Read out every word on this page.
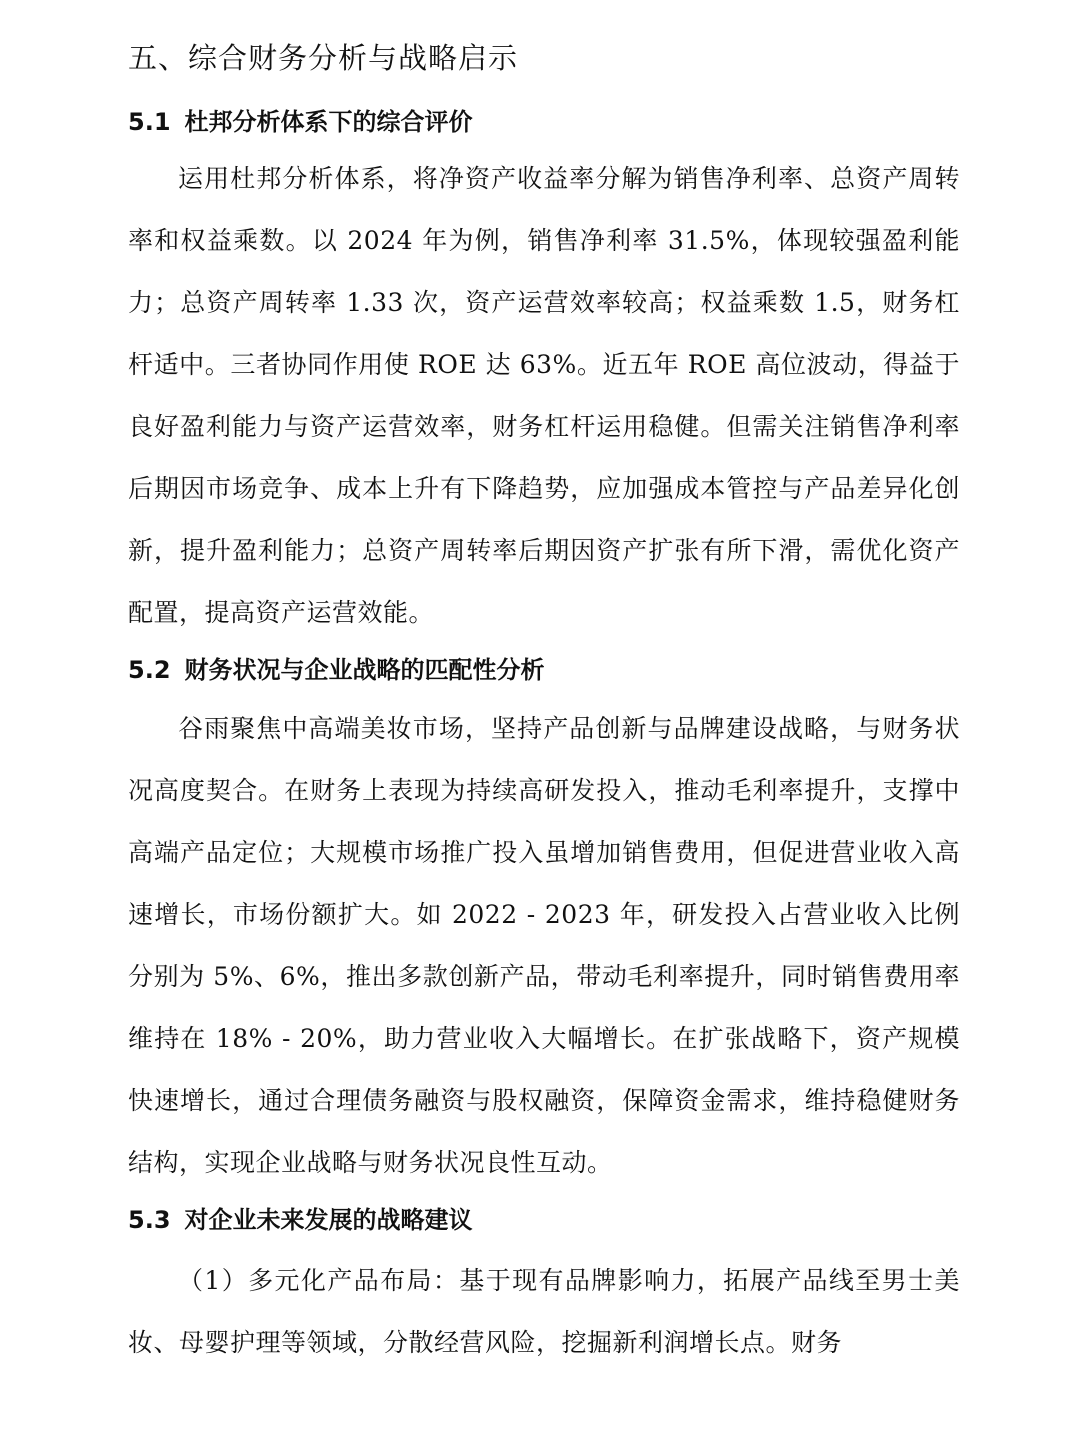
五、综合财务分析与战略启示
5.1 杜邦分析体系下的综合评价

运用杜邦分析体系，将净资产收益率分解为销售净利率、总资产周转率和权益乘数。以 2024 年为例，销售净利率 31.5%，体现较强盈利能力；总资产周转率 1.33 次，资产运营效率较高；权益乘数 1.5，财务杠杆适中。三者协同作用使 ROE 达 63%。近五年 ROE 高位波动，得益于良好盈利能力与资产运营效率，财务杠杆运用稳健。但需关注销售净利率后期因市场竞争、成本上升有下降趋势，应加强成本管控与产品差异化创新，提升盈利能力；总资产周转率后期因资产扩张有所下滑，需优化资产配置，提高资产运营效能。

5.2 财务状况与企业战略的匹配性分析

谷雨聚焦中高端美妆市场，坚持产品创新与品牌建设战略，与财务状况高度契合。在财务上表现为持续高研发投入，推动毛利率提升，支撑中高端产品定位；大规模市场推广投入虽增加销售费用，但促进营业收入高速增长，市场份额扩大。如 2022 - 2023 年，研发投入占营业收入比例分别为 5%、6%，推出多款创新产品，带动毛利率提升，同时销售费用率维持在 18% - 20%，助力营业收入大幅增长。在扩张战略下，资产规模快速增长，通过合理债务融资与股权融资，保障资金需求，维持稳健财务结构，实现企业战略与财务状况良性互动。

5.3 对企业未来发展的战略建议

（1）多元化产品布局：基于现有品牌影响力，拓展产品线至男士美妆、母婴护理等领域，分散经营风险，挖掘新利润增长点。财务
